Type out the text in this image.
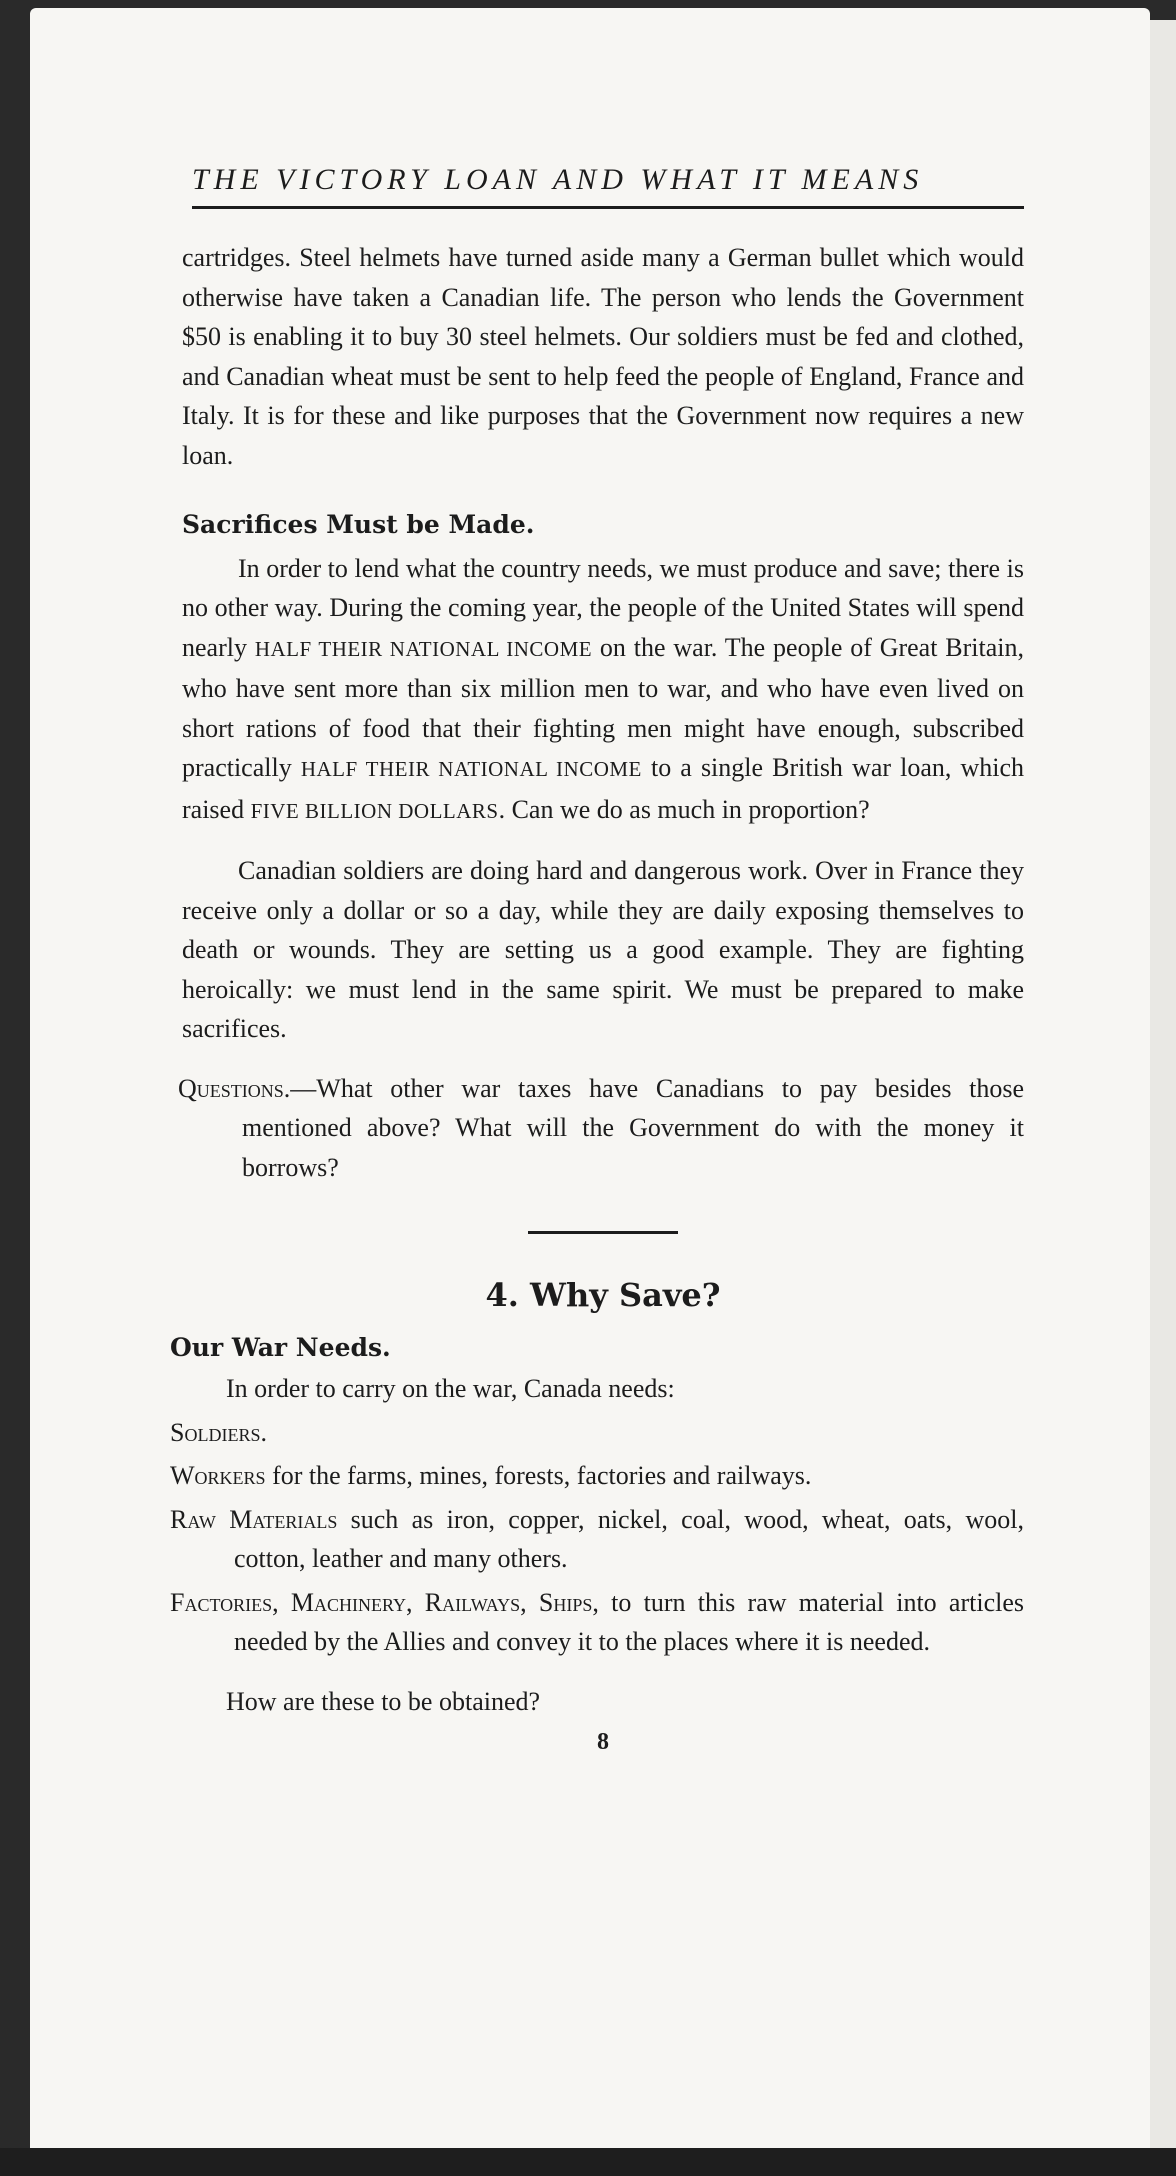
THE VICTORY LOAN AND WHAT IT MEANS

cartridges. Steel helmets have turned aside many a German bullet which would otherwise have taken a Canadian life. The person who lends the Government $50 is enabling it to buy 30 steel helmets. Our soldiers must be fed and clothed, and Canadian wheat must be sent to help feed the people of England, France and Italy. It is for these and like purposes that the Government now requires a new loan.

Sacrifices Must be Made.

In order to lend what the country needs, we must produce and save; there is no other way. During the coming year, the people of the United States will spend nearly HALF THEIR NATIONAL INCOME on the war. The people of Great Britain, who have sent more than six million men to war, and who have even lived on short rations of food that their fighting men might have enough, subscribed practically HALF THEIR NATIONAL INCOME to a single British war loan, which raised FIVE BILLION DOLLARS. Can we do as much in proportion?

Canadian soldiers are doing hard and dangerous work. Over in France they receive only a dollar or so a day, while they are daily exposing themselves to death or wounds. They are setting us a good example. They are fighting heroically: we must lend in the same spirit. We must be prepared to make sacrifices.

Questions.—What other war taxes have Canadians to pay besides those mentioned above? What will the Government do with the money it borrows?

4. Why Save?

Our War Needs.

In order to carry on the war, Canada needs:

Soldiers.

Workers for the farms, mines, forests, factories and railways.

Raw Materials such as iron, copper, nickel, coal, wood, wheat, oats, wool, cotton, leather and many others.

Factories, Machinery, Railways, Ships, to turn this raw material into articles needed by the Allies and convey it to the places where it is needed.

How are these to be obtained?

8
